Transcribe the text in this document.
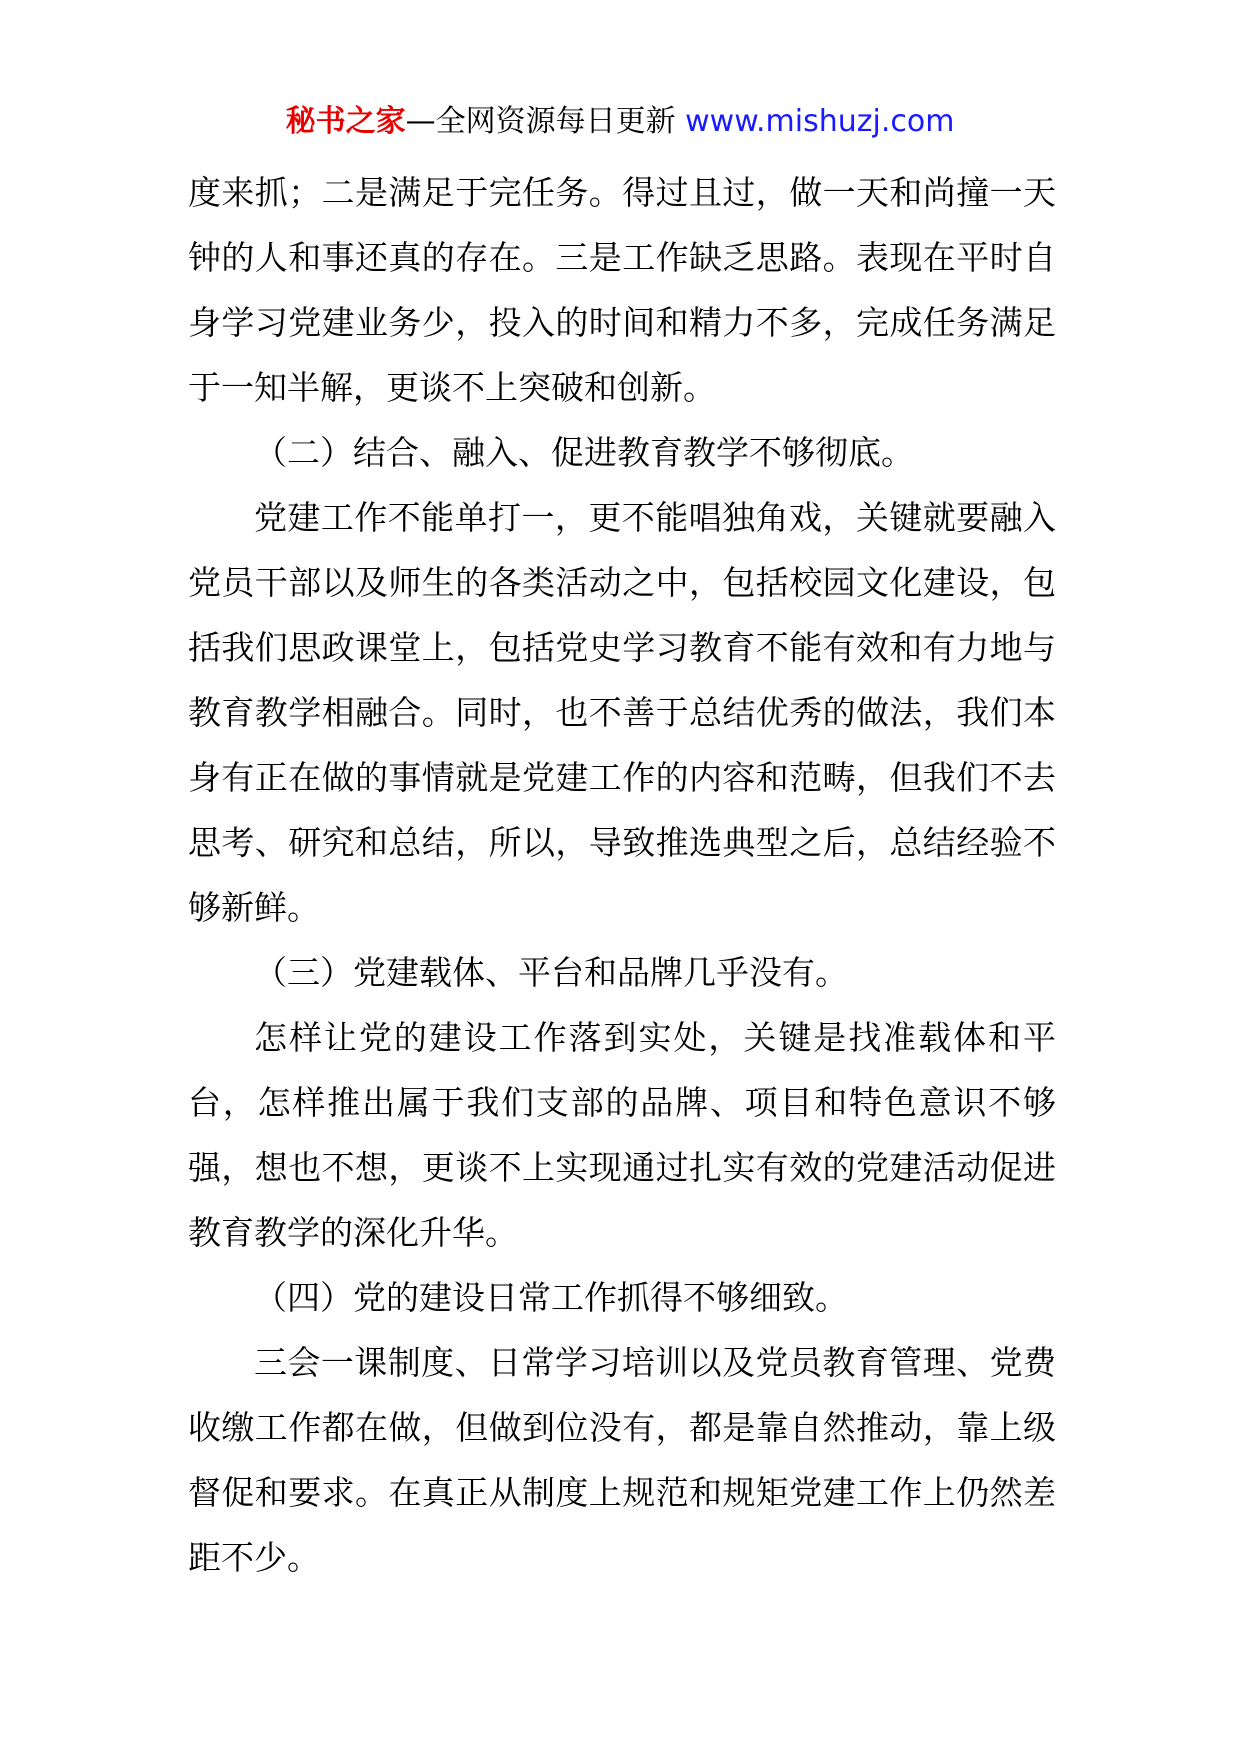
秘书之家—全网资源每日更新 www.mishuzj.com

度来抓；二是满足于完任务。得过且过，做一天和尚撞一天钟的人和事还真的存在。三是工作缺乏思路。表现在平时自身学习党建业务少，投入的时间和精力不多，完成任务满足于一知半解，更谈不上突破和创新。

（二）结合、融入、促进教育教学不够彻底。

党建工作不能单打一，更不能唱独角戏，关键就要融入党员干部以及师生的各类活动之中，包括校园文化建设，包括我们思政课堂上，包括党史学习教育不能有效和有力地与教育教学相融合。同时，也不善于总结优秀的做法，我们本身有正在做的事情就是党建工作的内容和范畴，但我们不去思考、研究和总结，所以，导致推选典型之后，总结经验不够新鲜。

（三）党建载体、平台和品牌几乎没有。

怎样让党的建设工作落到实处，关键是找准载体和平台，怎样推出属于我们支部的品牌、项目和特色意识不够强，想也不想，更谈不上实现通过扎实有效的党建活动促进教育教学的深化升华。

（四）党的建设日常工作抓得不够细致。

三会一课制度、日常学习培训以及党员教育管理、党费收缴工作都在做，但做到位没有，都是靠自然推动，靠上级督促和要求。在真正从制度上规范和规矩党建工作上仍然差距不少。
